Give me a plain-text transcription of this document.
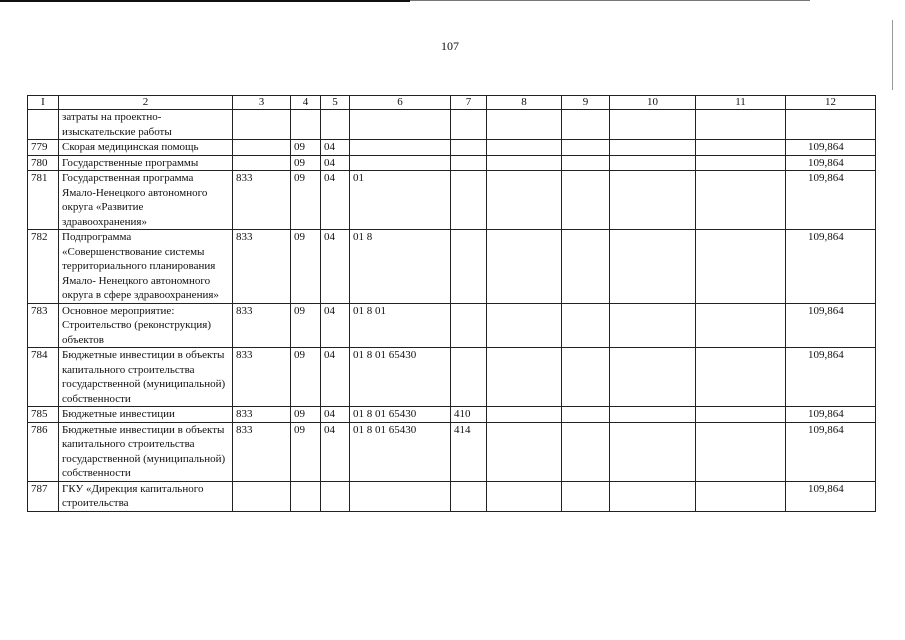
107
I	2	3	4	5	6	7	8	9	10	11	12
	затраты на проектно- изыскательские работы										
779	Скорая медицинская помощь		09	04							109,864
780	Государственные программы		09	04							109,864
781	Государственная программа Ямало-Ненецкого автономного округа «Развитие здравоохранения»	833	09	04	01						109,864
782	Подпрограмма «Совершенствование системы территориального планирования Ямало- Ненецкого автономного округа в сфере здравоохранения»	833	09	04	01 8						109,864
783	Основное мероприятие: Строительство (реконструкция) объектов	833	09	04	01 8 01						109,864
784	Бюджетные инвестиции в объекты капитального строительства государственной (муниципальной) собственности	833	09	04	01 8 01 65430						109,864
785	Бюджетные инвестиции	833	09	04	01 8 01 65430	410					109,864
786	Бюджетные инвестиции в объекты капитального строительства государственной (муниципальной) собственности	833	09	04	01 8 01 65430	414					109,864
787	ГКУ «Дирекция капитального строительства										109,864
